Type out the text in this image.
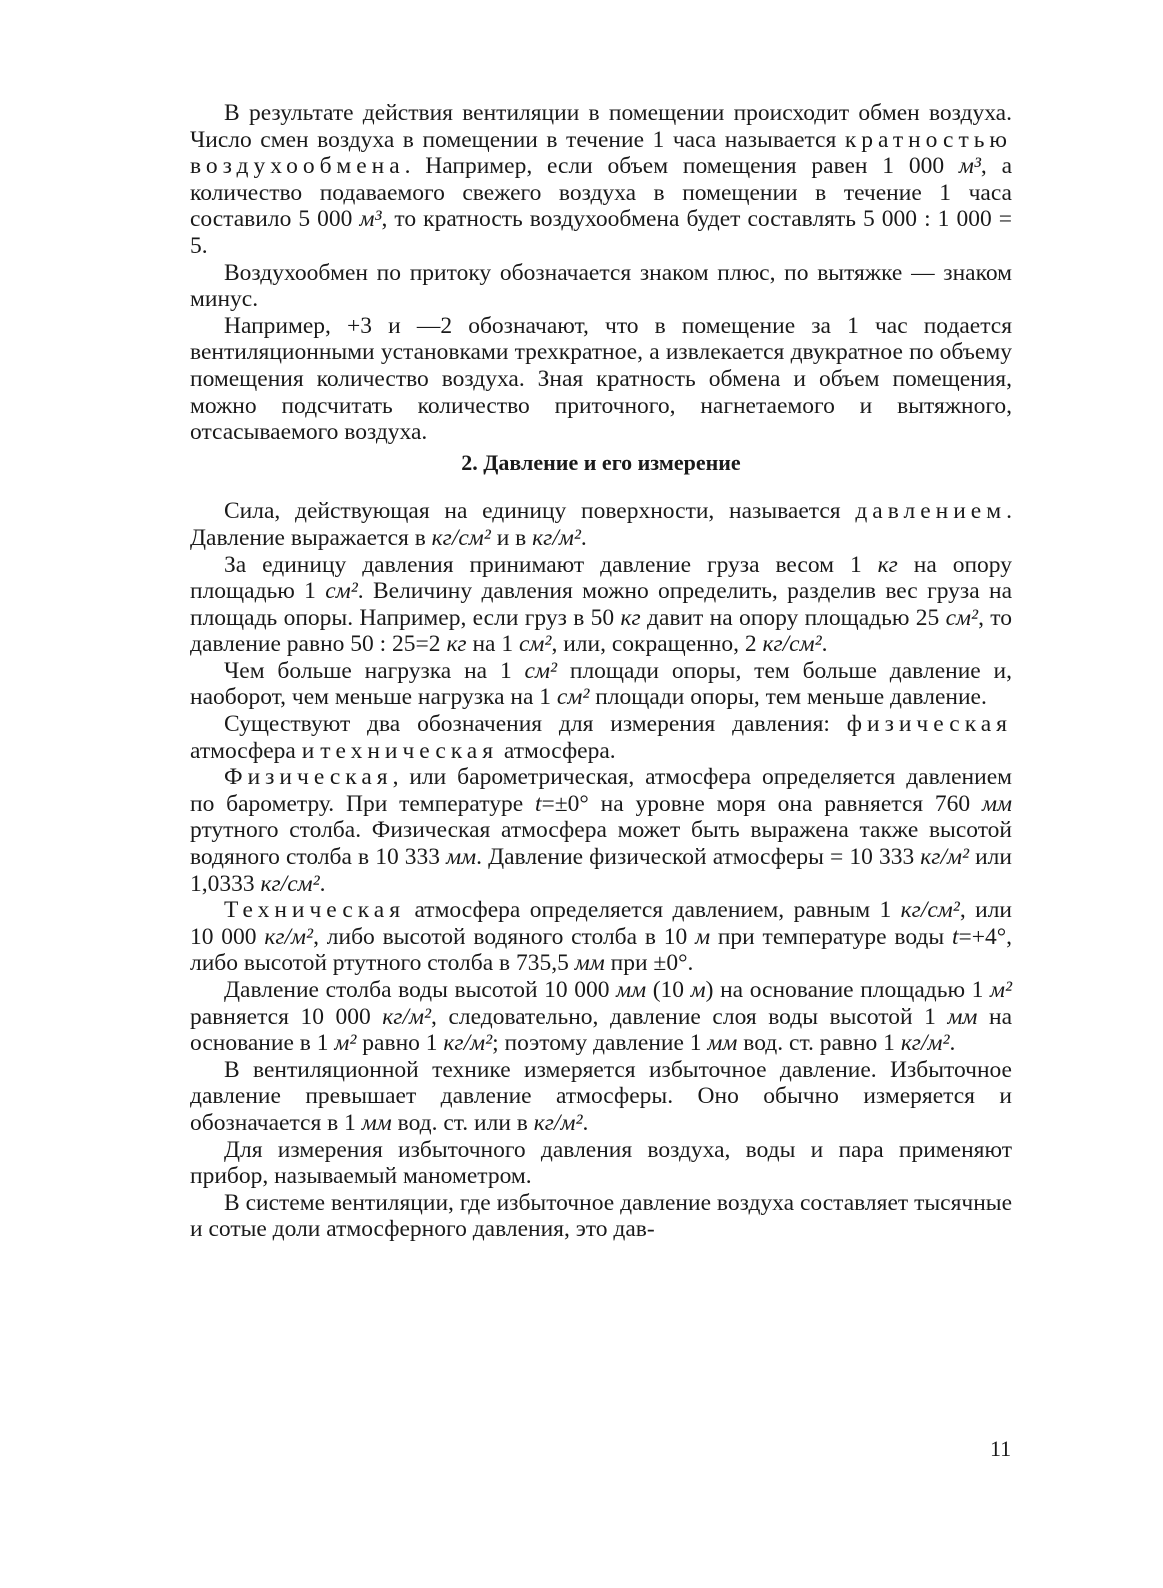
В результате действия вентиляции в помещении происходит обмен воздуха. Число смен воздуха в помещении в течение 1 часа называется кратностью воздухообмена. Например, если объем помещения равен 1 000 м³, а количество подаваемого свежего воздуха в помещении в течение 1 часа составило 5 000 м³, то кратность воздухообмена будет составлять 5 000 : 1 000 = 5.

Воздухообмен по притоку обозначается знаком плюс, по вытяжке — знаком минус.

Например, +3 и —2 обозначают, что в помещение за 1 час подается вентиляционными установками трехкратное, а извлекается двукратное по объему помещения количество воздуха. Зная кратность обмена и объем помещения, можно подсчитать количество приточного, нагнетаемого и вытяжного, отсасываемого воздуха.

2. Давление и его измерение

Сила, действующая на единицу поверхности, называется давлением. Давление выражается в кг/см² и в кг/м².

За единицу давления принимают давление груза весом 1 кг на опору площадью 1 см². Величину давления можно определить, разделив вес груза на площадь опоры. Например, если груз в 50 кг давит на опору площадью 25 см², то давление равно 50 : 25=2 кг на 1 см², или, сокращенно, 2 кг/см².

Чем больше нагрузка на 1 см² площади опоры, тем больше давление и, наоборот, чем меньше нагрузка на 1 см² площади опоры, тем меньше давление.

Существуют два обозначения для измерения давления: физическая атмосфера и техническая атмосфера.

Физическая, или барометрическая, атмосфера определяется давлением по барометру. При температуре t=±0° на уровне моря она равняется 760 мм ртутного столба. Физическая атмосфера может быть выражена также высотой водяного столба в 10 333 мм. Давление физической атмосферы = 10 333 кг/м² или 1,0333 кг/см².

Техническая атмосфера определяется давлением, равным 1 кг/см², или 10 000 кг/м², либо высотой водяного столба в 10 м при температуре воды t=+4°, либо высотой ртутного столба в 735,5 мм при ±0°.

Давление столба воды высотой 10 000 мм (10 м) на основание площадью 1 м² равняется 10 000 кг/м², следовательно, давление слоя воды высотой 1 мм на основание в 1 м² равно 1 кг/м²; поэтому давление 1 мм вод. ст. равно 1 кг/м².

В вентиляционной технике измеряется избыточное давление. Избыточное давление превышает давление атмосферы. Оно обычно измеряется и обозначается в 1 мм вод. ст. или в кг/м².

Для измерения избыточного давления воздуха, воды и пара применяют прибор, называемый манометром.

В системе вентиляции, где избыточное давление воздуха составляет тысячные и сотые доли атмосферного давления, это дав-

11
